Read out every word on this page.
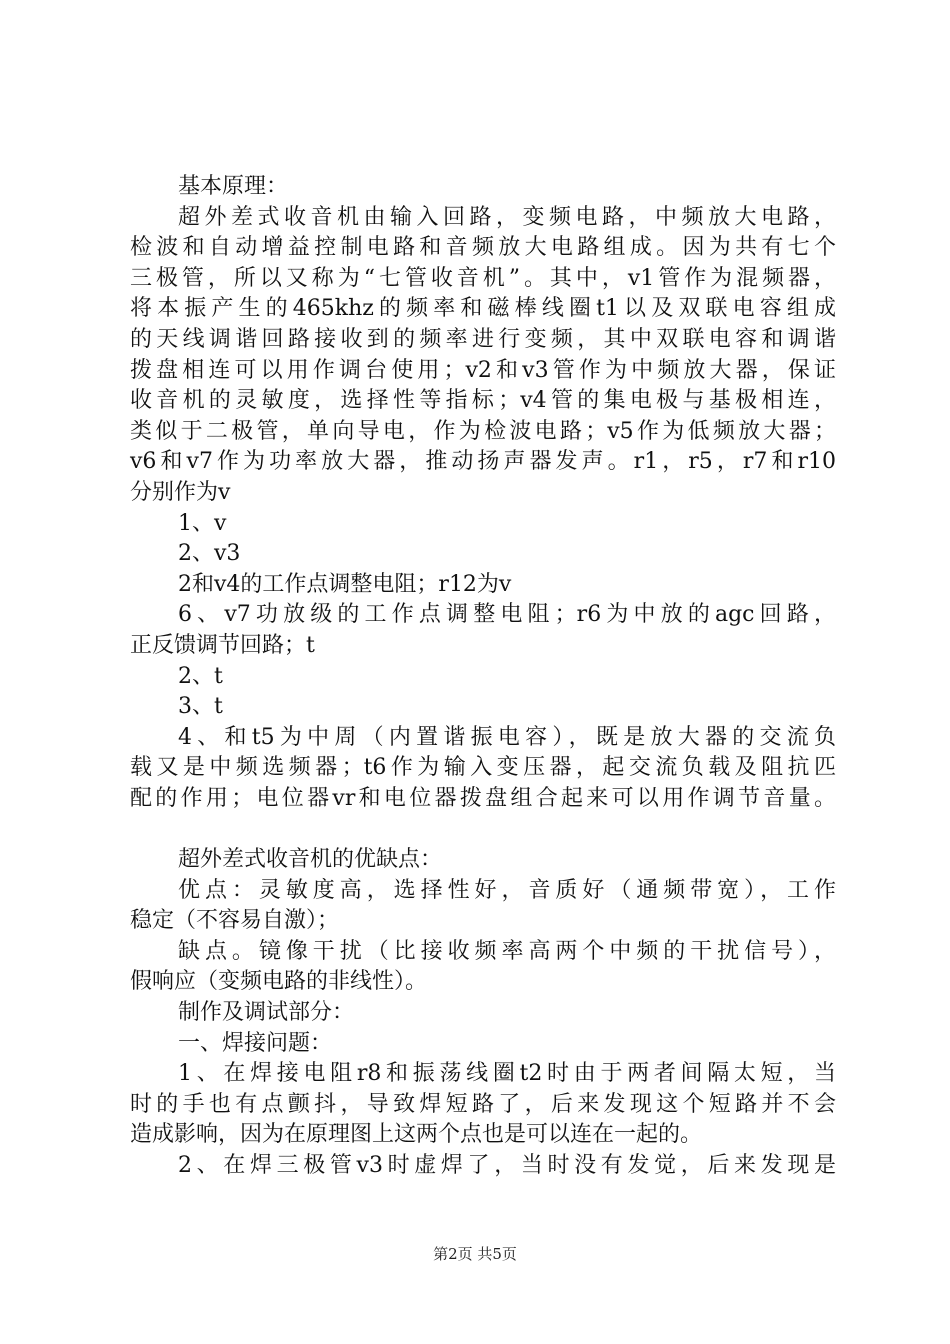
基本原理：
超外差式收音机由输入回路，变频电路，中频放大电路，
检波和自动增益控制电路和音频放大电路组成。因为共有七个
三极管，所以又称为“七管收音机”。其中，v1管作为混频器，
将本振产生的465khz的频率和磁棒线圈t1以及双联电容组成
的天线调谐回路接收到的频率进行变频，其中双联电容和调谐
拨盘相连可以用作调台使用；v2和v3管作为中频放大器，保证
收音机的灵敏度，选择性等指标；v4管的集电极与基极相连，
类似于二极管，单向导电，作为检波电路；v5作为低频放大器；
v6和v7作为功率放大器，推动扬声器发声。r1，r5，r7和r10
分别作为v
1、v
2、v3
2和v4的工作点调整电阻；r12为v
6、v7功放级的工作点调整电阻；r6为中放的agc回路，
正反馈调节回路；t
2、t
3、t
4、和t5为中周（内置谐振电容），既是放大器的交流负
载又是中频选频器；t6作为输入变压器，起交流负载及阻抗匹
配的作用；电位器vr和电位器拨盘组合起来可以用作调节音量。
超外差式收音机的优缺点：
优点：灵敏度高，选择性好，音质好（通频带宽），工作
稳定（不容易自激）；
缺点。镜像干扰（比接收频率高两个中频的干扰信号），
假响应（变频电路的非线性）。
制作及调试部分：
一、焊接问题：
1、在焊接电阻r8和振荡线圈t2时由于两者间隔太短，当
时的手也有点颤抖，导致焊短路了，后来发现这个短路并不会
造成影响，因为在原理图上这两个点也是可以连在一起的。
2、在焊三极管v3时虚焊了，当时没有发觉，后来发现是
第2页 共5页
